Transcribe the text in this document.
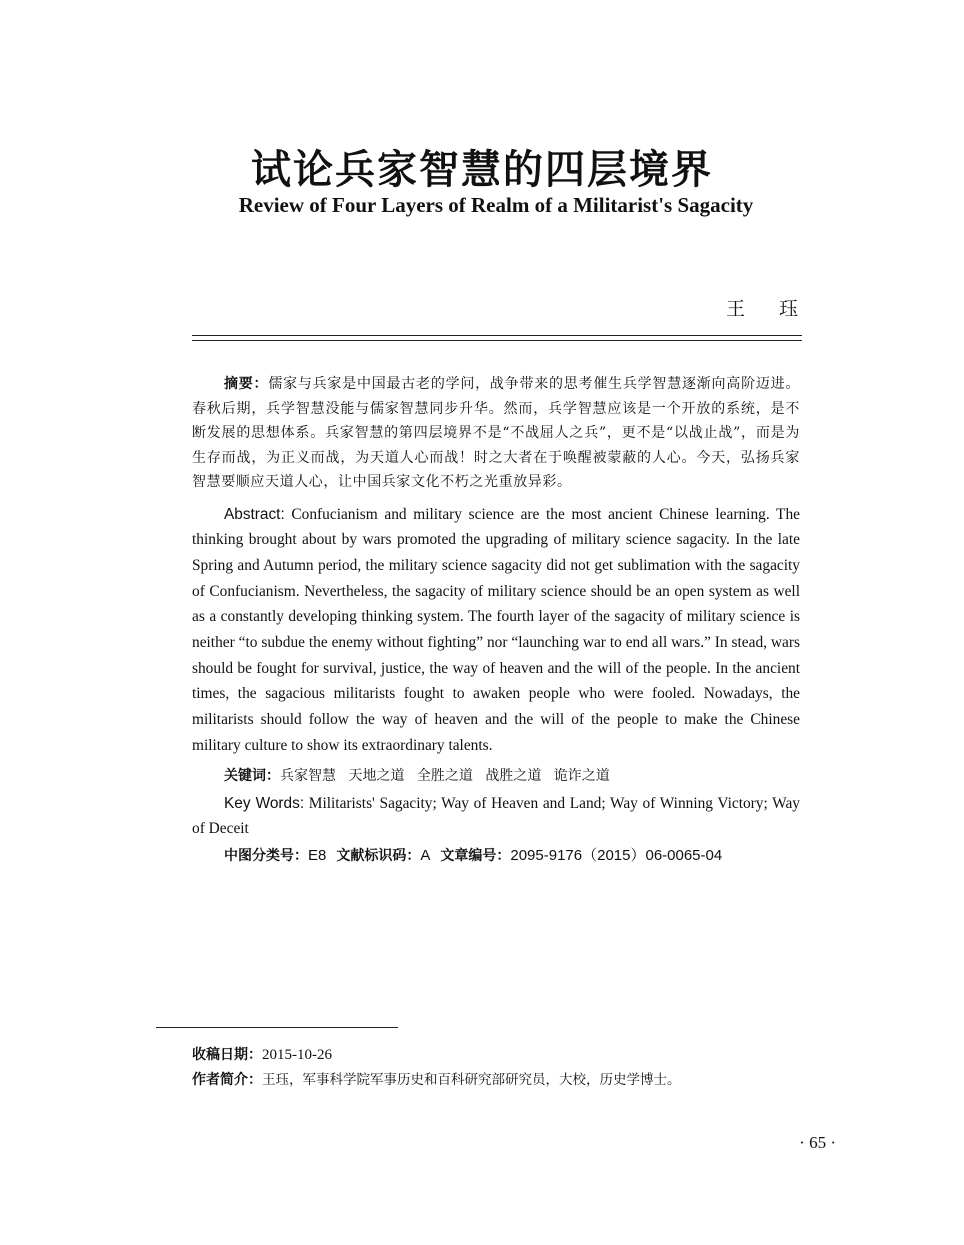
试论兵家智慧的四层境界
Review of Four Layers of Realm of a Militarist's Sagacity
王 珏

摘要：儒家与兵家是中国最古老的学问，战争带来的思考催生兵学智慧逐渐向高阶迈进。春秋后期，兵学智慧没能与儒家智慧同步升华。然而，兵学智慧应该是一个开放的系统，是不断发展的思想体系。兵家智慧的第四层境界不是“不战屈人之兵”，更不是“以战止战”，而是为生存而战，为正义而战，为天道人心而战！时之大者在于唤醒被蒙蔽的人心。今天，弘扬兵家智慧要顺应天道人心，让中国兵家文化不朽之光重放异彩。

Abstract: Confucianism and military science are the most ancient Chinese learning. The thinking brought about by wars promoted the upgrading of military science sagacity. In the late Spring and Autumn period, the military science sagacity did not get sublimation with the sagacity of Confucianism. Nevertheless, the sagacity of military science should be an open system as well as a constantly developing thinking system. The fourth layer of the sagacity of military science is neither “to subdue the enemy without fighting” nor “launching war to end all wars.” In stead, wars should be fought for survival, justice, the way of heaven and the will of the people. In the ancient times, the sagacious militarists fought to awaken people who were fooled. Nowadays, the militarists should follow the way of heaven and the will of the people to make the Chinese military culture to show its extraordinary talents.

关键词：兵家智慧 天地之道 全胜之道 战胜之道 诡诈之道

Key Words: Militarists' Sagacity; Way of Heaven and Land; Way of Winning Victory; Way of Deceit

中图分类号：E8 文献标识码：A 文章编号：2095-9176（2015）06-0065-04

收稿日期：2015-10-26
作者简介：王珏，军事科学院军事历史和百科研究部研究员，大校，历史学博士。
· 65 ·
